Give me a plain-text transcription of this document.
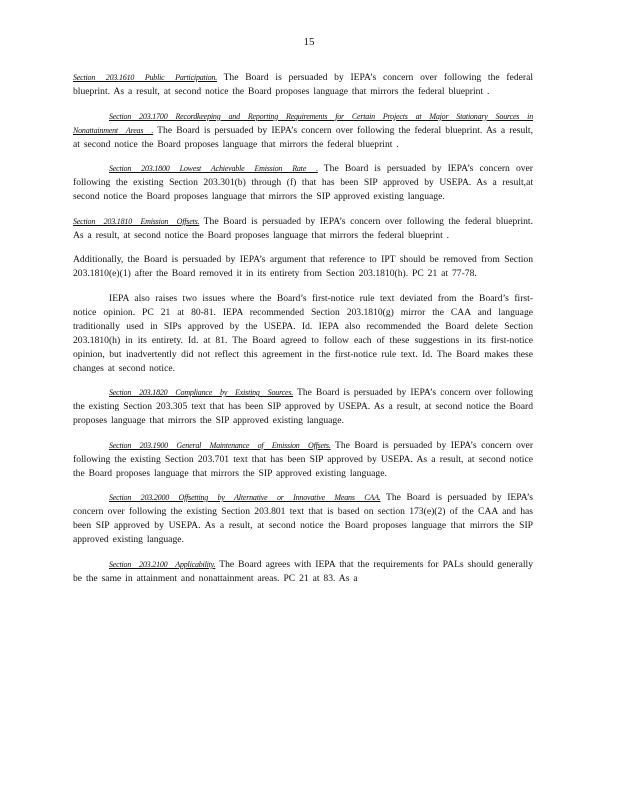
15

Section 203.1610 Public Participation. The Board is persuaded by IEPA’s concern over following the federal blueprint. As a result, at second notice the Board proposes language that mirrors the federal blueprint .

Section 203.1700 Recordkeeping and Reporting Requirements for Certain Projects at Major Stationary Sources in Nonattainment Areas . The Board is persuaded by IEPA’s concern over following the federal blueprint. As a result, at second notice the Board proposes language that mirrors the federal blueprint .

Section 203.1800 Lowest Achievable Emission Rate . The Board is persuaded by IEPA’s concern over following the existing Section 203.301(b) through (f) that has been SIP approved by USEPA. As a result,at second notice the Board proposes language that mirrors the SIP approved existing language.

Section 203.1810 Emission Offsets. The Board is persuaded by IEPA’s concern over following the federal blueprint. As a result, at second notice the Board proposes language that mirrors the federal blueprint .

Additionally, the Board is persuaded by IEPA’s argument that reference to IPT should be removed from Section 203.1810(e)(1) after the Board removed it in its entirety from Section 203.1810(h). PC 21 at 77-78.

IEPA also raises two issues where the Board’s first-notice rule text deviated from the Board’s first-notice opinion. PC 21 at 80-81. IEPA recommended Section 203.1810(g) mirror the CAA and language traditionally used in SIPs approved by the USEPA. Id. IEPA also recommended the Board delete Section 203.1810(h) in its entirety. Id. at 81. The Board agreed to follow each of these suggestions in its first-notice opinion, but inadvertently did not reflect this agreement in the first-notice rule text. Id. The Board makes these changes at second notice.

Section 203.1820 Compliance by Existing Sources. The Board is persuaded by IEPA’s concern over following the existing Section 203.305 text that has been SIP approved by USEPA. As a result, at second notice the Board proposes language that mirrors the SIP approved existing language.

Section 203.1900 General Maintenance of Emission Offsets. The Board is persuaded by IEPA’s concern over following the existing Section 203.701 text that has been SIP approved by USEPA. As a result, at second notice the Board proposes language that mirrors the SIP approved existing language.

Section 203.2000 Offsetting by Alternative or Innovative Means CAA. The Board is persuaded by IEPA’s concern over following the existing Section 203.801 text that is based on section 173(e)(2) of the CAA and has been SIP approved by USEPA. As a result, at second notice the Board proposes language that mirrors the SIP approved existing language.

Section 203.2100 Applicability. The Board agrees with IEPA that the requirements for PALs should generally be the same in attainment and nonattainment areas. PC 21 at 83. As a
